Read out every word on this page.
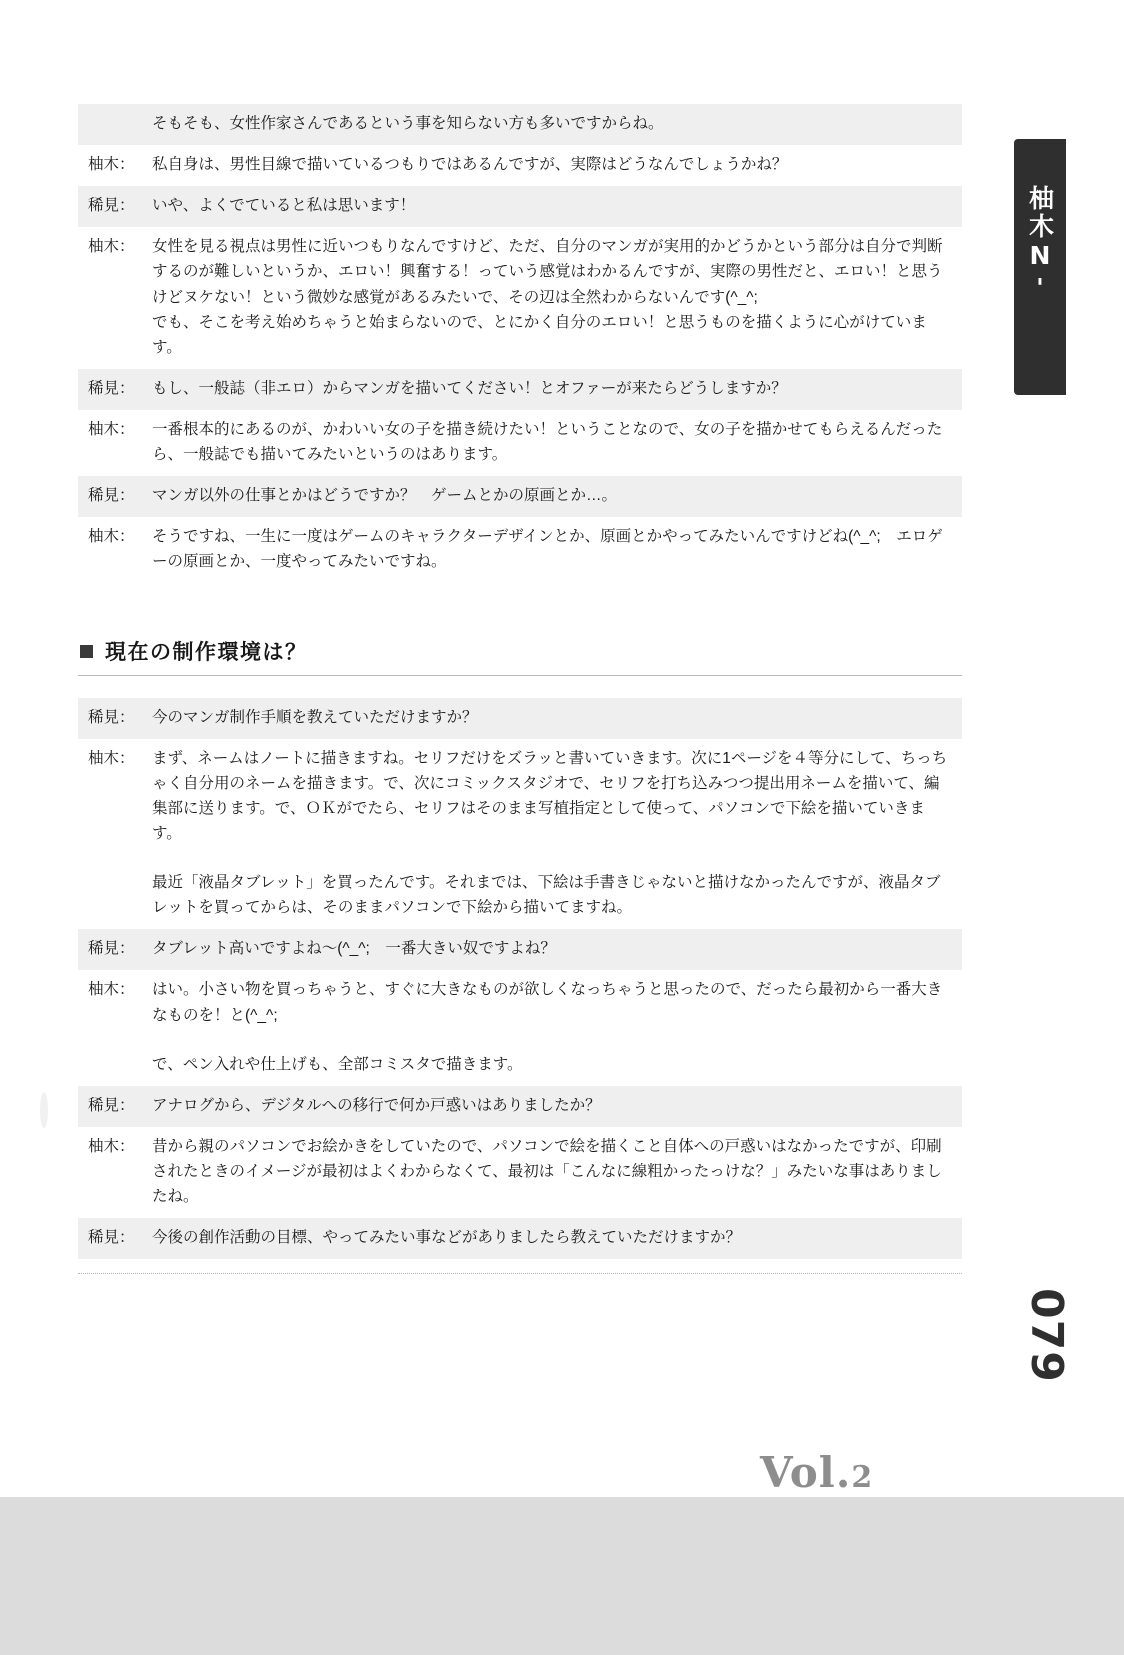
柚木N'
079

そもそも、女性作家さんであるという事を知らない方も多いですからね。

柚木：	私自身は、男性目線で描いているつもりではあるんですが、実際はどうなんでしょうかね？

稀見：	いや、よくでていると私は思います！

柚木：	女性を見る視点は男性に近いつもりなんですけど、ただ、自分のマンガが実用的かどうかという部分は自分で判断するのが難しいというか、エロい！興奮する！っていう感覚はわかるんですが、実際の男性だと、エロい！と思うけどヌケない！という微妙な感覚があるみたいで、その辺は全然わからないんです(^_^;

でも、そこを考え始めちゃうと始まらないので、とにかく自分のエロい！と思うものを描くように心がけています。

稀見：	もし、一般誌（非エロ）からマンガを描いてください！とオファーが来たらどうしますか？

柚木：	一番根本的にあるのが、かわいい女の子を描き続けたい！ということなので、女の子を描かせてもらえるんだったら、一般誌でも描いてみたいというのはあります。

稀見：	マンガ以外の仕事とかはどうですか？　ゲームとかの原画とか…。

柚木：	そうですね、一生に一度はゲームのキャラクターデザインとか、原画とかやってみたいんですけどね(^_^;　エロゲーの原画とか、一度やってみたいですね。

現在の制作環境は？
稀見：	今のマンガ制作手順を教えていただけますか？

柚木：	まず、ネームはノートに描きますね。セリフだけをズラッと書いていきます。次に1ページを４等分にして、ちっちゃく自分用のネームを描きます。で、次にコミックスタジオで、セリフを打ち込みつつ提出用ネームを描いて、編集部に送ります。で、ＯＫがでたら、セリフはそのまま写植指定として使って、パソコンで下絵を描いていきます。

最近「液晶タブレット」を買ったんです。それまでは、下絵は手書きじゃないと描けなかったんですが、液晶タブレットを買ってからは、そのままパソコンで下絵から描いてますね。

稀見：	タブレット高いですよね〜(^_^;　一番大きい奴ですよね？

柚木：	はい。小さい物を買っちゃうと、すぐに大きなものが欲しくなっちゃうと思ったので、だったら最初から一番大きなものを！と(^_^;

で、ペン入れや仕上げも、全部コミスタで描きます。

稀見：	アナログから、デジタルへの移行で何か戸惑いはありましたか？

柚木：	昔から親のパソコンでお絵かきをしていたので、パソコンで絵を描くこと自体への戸惑いはなかったですが、印刷されたときのイメージが最初はよくわからなくて、最初は「こんなに線粗かったっけな？」みたいな事はありましたね。

稀見：	今後の創作活動の目標、やってみたい事などがありましたら教えていただけますか？

Vol.2
